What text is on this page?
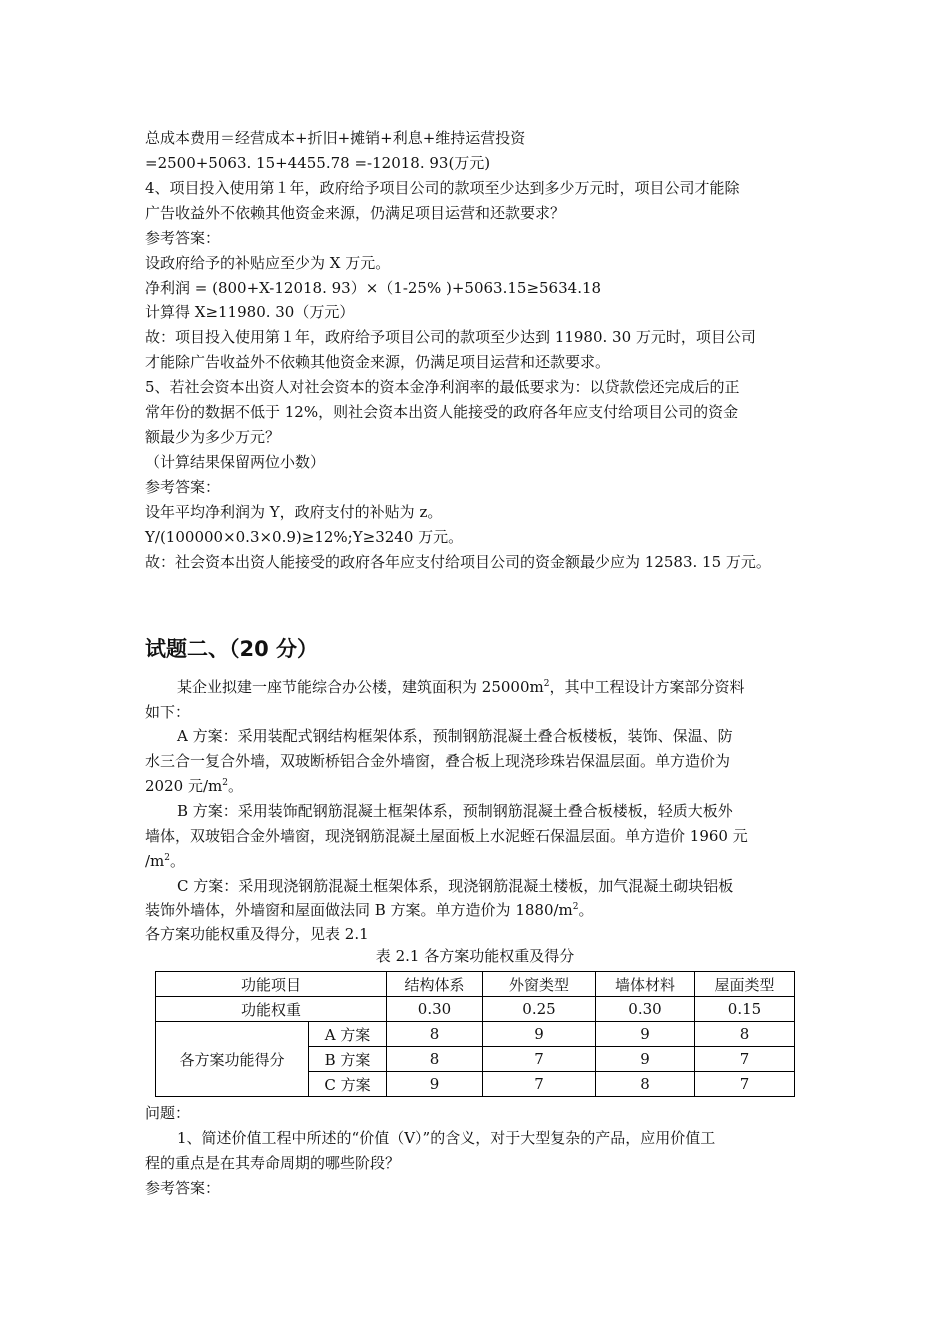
总成本费用＝经营成本+折旧+摊销+利息+维持运营投资
=2500+5063. 15+4455.78 =-12018. 93(万元)
4、项目投入使用第１年，政府给予项目公司的款项至少达到多少万元时，项目公司才能除
广告收益外不依赖其他资金来源，仍满足项目运营和还款要求？
参考答案：
设政府给予的补贴应至少为 X 万元。
净利润 = (800+X-12018. 93）×（1-25% )+5063.15≥5634.18
计算得 X≥11980. 30（万元）
故：项目投入使用第１年，政府给予项目公司的款项至少达到 11980. 30 万元时，项目公司
才能除广告收益外不依赖其他资金来源，仍满足项目运营和还款要求。
5、若社会资本出资人对社会资本的资本金净利润率的最低要求为：以贷款偿还完成后的正
常年份的数据不低于 12%，则社会资本出资人能接受的政府各年应支付给项目公司的资金
额最少为多少万元？
（计算结果保留两位小数）
参考答案：
设年平均净利润为 Y，政府支付的补贴为 z。
Y/(100000×0.3×0.9)≥12%;Y≥3240 万元。
故：社会资本出资人能接受的政府各年应支付给项目公司的资金额最少应为 12583. 15 万元。
试题二、（20 分）
某企业拟建一座节能综合办公楼，建筑面积为 $25000m^2$，其中工程设计方案部分资料
如下：
A 方案：采用装配式钢结构框架体系，预制钢筋混凝土叠合板楼板，装饰、保温、防
水三合一复合外墙，双玻断桥铝合金外墙窗，叠合板上现浇珍珠岩保温层面。单方造价为
2020 元$/m^2$。
B 方案：采用装饰配钢筋混凝土框架体系，预制钢筋混凝土叠合板楼板，轻质大板外
墙体，双玻铝合金外墙窗，现浇钢筋混凝土屋面板上水泥蛭石保温层面。单方造价 1960 元
$/m^2$。
C 方案：采用现浇钢筋混凝土框架体系，现浇钢筋混凝土楼板，加气混凝土砌块铝板
装饰外墙体，外墙窗和屋面做法同 B 方案。单方造价为 $1880/m^2$。
各方案功能权重及得分，见表 2.1
表 2.1 各方案功能权重及得分
功能项目		结构体系	外窗类型	墙体材料	屋面类型
功能权重		0.30	0.25	0.30	0.15
各方案功能得分	A 方案	8	9	9	8
	B 方案	8	7	9	7
	C 方案	9	7	8	7
问题：
1、简述价值工程中所述的“价值（V）”的含义，对于大型复杂的产品，应用价值工
程的重点是在其寿命周期的哪些阶段？
参考答案：
